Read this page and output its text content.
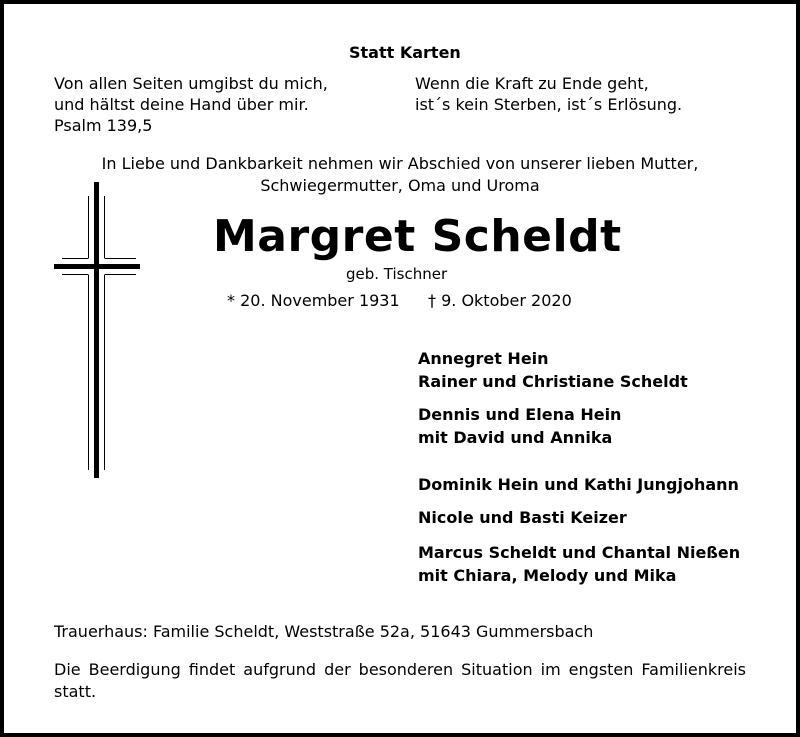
Statt Karten
Von allen Seiten umgibst du mich,
und hältst deine Hand über mir.
Psalm 139,5
Wenn die Kraft zu Ende geht,
ist´s kein Sterben, ist´s Erlösung.
In Liebe und Dankbarkeit nehmen wir Abschied von unserer lieben Mutter,
Schwiegermutter, Oma und Uroma
Margret Scheldt
geb. Tischner
* 20. November 1931 † 9. Oktober 2020
Annegret Hein
Rainer und Christiane Scheldt
Dennis und Elena Hein
mit David und Annika
Dominik Hein und Kathi Jungjohann
Nicole und Basti Keizer
Marcus Scheldt und Chantal Nießen
mit Chiara, Melody und Mika
Trauerhaus: Familie Scheldt, Weststraße 52a, 51643 Gummersbach
Die Beerdigung findet aufgrund der besonderen Situation im engsten Familienkreis statt.
